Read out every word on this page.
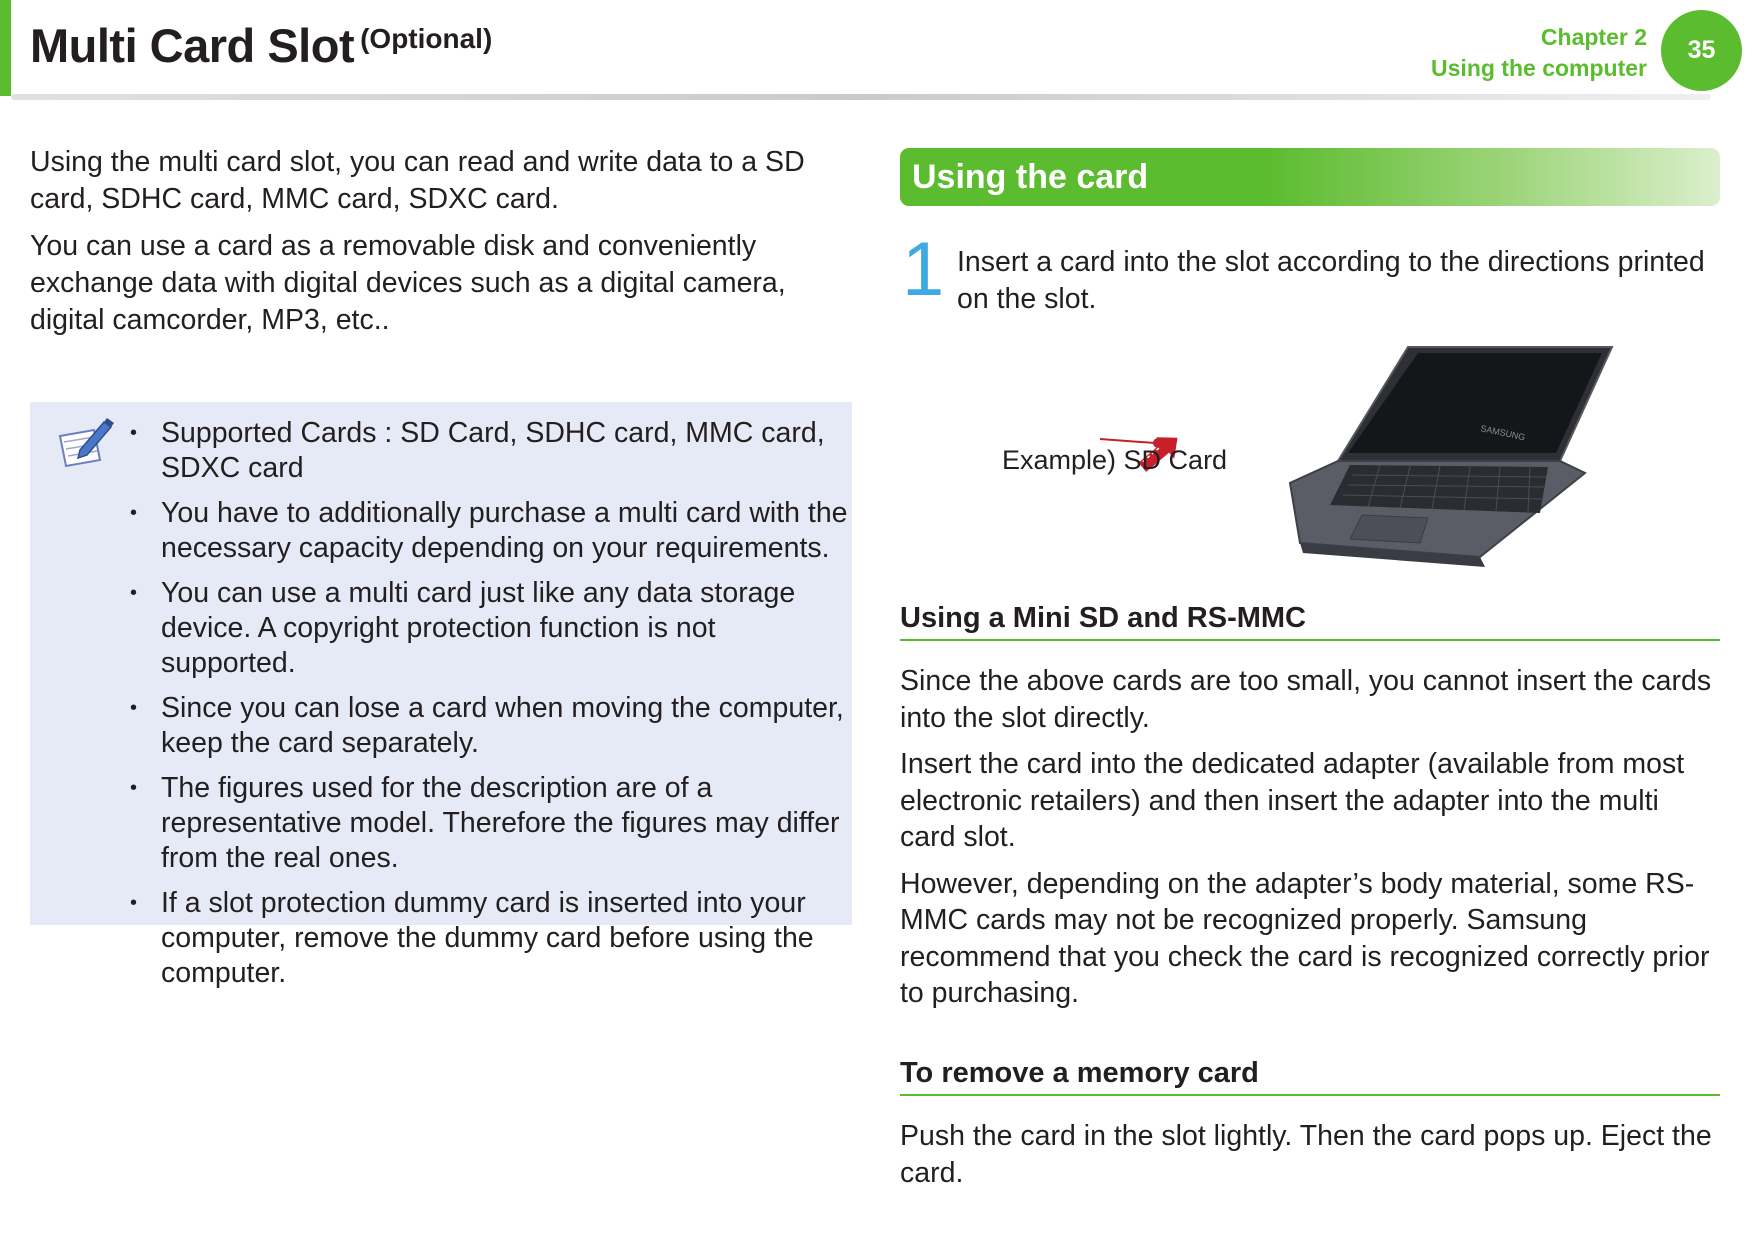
Multi Card Slot (Optional)	Chapter 2
Using the computer
35

Using the multi card slot, you can read and write data to a SD card, SDHC card, MMC card, SDXC card.

You can use a card as a removable disk and conveniently exchange data with digital devices such as a digital camera, digital camcorder, MP3, etc..

• Supported Cards : SD Card, SDHC card, MMC card, SDXC card
• You have to additionally purchase a multi card with the necessary capacity depending on your requirements.
• You can use a multi card just like any data storage device. A copyright protection function is not supported.
• Since you can lose a card when moving the computer, keep the card separately.
• The figures used for the description are of a representative model. Therefore the figures may differ from the real ones.
• If a slot protection dummy card is inserted into your computer, remove the dummy card before using the computer.
Using the card
1 Insert a card into the slot according to the directions printed on the slot.
SAMSUNG
Example) SD Card
Using a Mini SD and RS-MMC

Since the above cards are too small, you cannot insert the cards into the slot directly.

Insert the card into the dedicated adapter (available from most electronic retailers) and then insert the adapter into the multi card slot.

However, depending on the adapter’s body material, some RS-MMC cards may not be recognized properly. Samsung recommend that you check the card is recognized correctly prior to purchasing.

To remove a memory card

Push the card in the slot lightly. Then the card pops up. Eject the card.
